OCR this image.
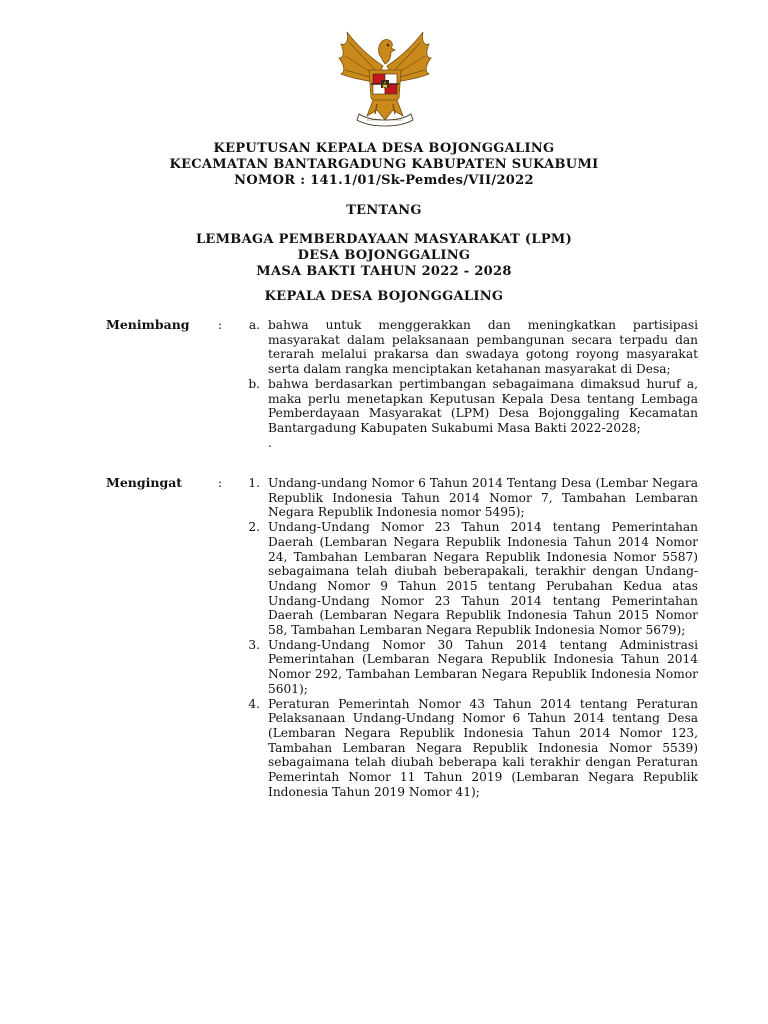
KEPUTUSAN KEPALA DESA BOJONGGALING
KECAMATAN BANTARGADUNG KABUPATEN SUKABUMI
NOMOR : 141.1/01/Sk-Pemdes/VII/2022
TENTANG
LEMBAGA PEMBERDAYAAN MASYARAKAT (LPM)
DESA BOJONGGALING
MASA BAKTI TAHUN 2022 - 2028
KEPALA DESA BOJONGGALING
Menimbang :	a. bahwa untuk menggerakkan dan meningkatkan partisipasi masyarakat dalam pelaksanaan pembangunan secara terpadu dan terarah melalui prakarsa dan swadaya gotong royong masyarakat serta dalam rangka menciptakan ketahanan masyarakat di Desa;
b. bahwa berdasarkan pertimbangan sebagaimana dimaksud huruf a, maka perlu menetapkan Keputusan Kepala Desa tentang Lembaga Pemberdayaan Masyarakat (LPM) Desa Bojonggaling Kecamatan Bantargadung Kabupaten Sukabumi Masa Bakti 2022-2028;
.
Mengingat	:	1. Undang-undang Nomor 6 Tahun 2014 Tentang Desa (Lembar Negara Republik Indonesia Tahun 2014 Nomor 7, Tambahan Lembaran Negara Republik Indonesia nomor 5495);
2. Undang-Undang Nomor 23 Tahun 2014 tentang Pemerintahan Daerah (Lembaran Negara Republik Indonesia Tahun 2014 Nomor 24, Tambahan Lembaran Negara Republik Indonesia Nomor 5587) sebagaimana telah diubah beberapakali, terakhir dengan Undang-Undang Nomor 9 Tahun 2015 tentang Perubahan Kedua atas Undang-Undang Nomor 23 Tahun 2014 tentang Pemerintahan Daerah (Lembaran Negara Republik Indonesia Tahun 2015 Nomor 58, Tambahan Lembaran Negara Republik Indonesia Nomor 5679);
3. Undang-Undang Nomor 30 Tahun 2014 tentang Administrasi Pemerintahan (Lembaran Negara Republik Indonesia Tahun 2014 Nomor 292, Tambahan Lembaran Negara Republik Indonesia Nomor 5601);
4. Peraturan Pemerintah Nomor 43 Tahun 2014 tentang Peraturan Pelaksanaan Undang-Undang Nomor 6 Tahun 2014 tentang Desa (Lembaran Negara Republik Indonesia Tahun 2014 Nomor 123, Tambahan Lembaran Negara Republik Indonesia Nomor 5539) sebagaimana telah diubah beberapa kali terakhir dengan Peraturan Pemerintah Nomor 11 Tahun 2019 (Lembaran Negara Republik Indonesia Tahun 2019 Nomor 41);
